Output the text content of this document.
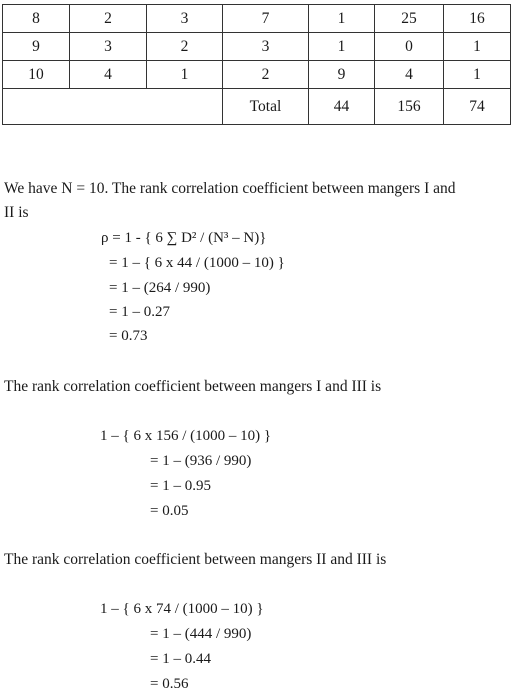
8	2	3	7	1	25	16
9	3	2	3	1	0	1
10	4	1	2	9	4	1
			Total	44	156	74
We have N = 10. The rank correlation coefficient between mangers I and
II is
ρ = 1 - { 6 ∑ D² / (N³ – N)}
= 1 – { 6 x 44 / (1000 – 10) }
= 1 – (264 / 990)
= 1 – 0.27
= 0.73
The rank correlation coefficient between mangers I and III is
1 – { 6 x 156 / (1000 – 10) }
= 1 – (936 / 990)
= 1 – 0.95
= 0.05
The rank correlation coefficient between mangers II and III is
1 – { 6 x 74 / (1000 – 10) }
= 1 – (444 / 990)
= 1 – 0.44
= 0.56
